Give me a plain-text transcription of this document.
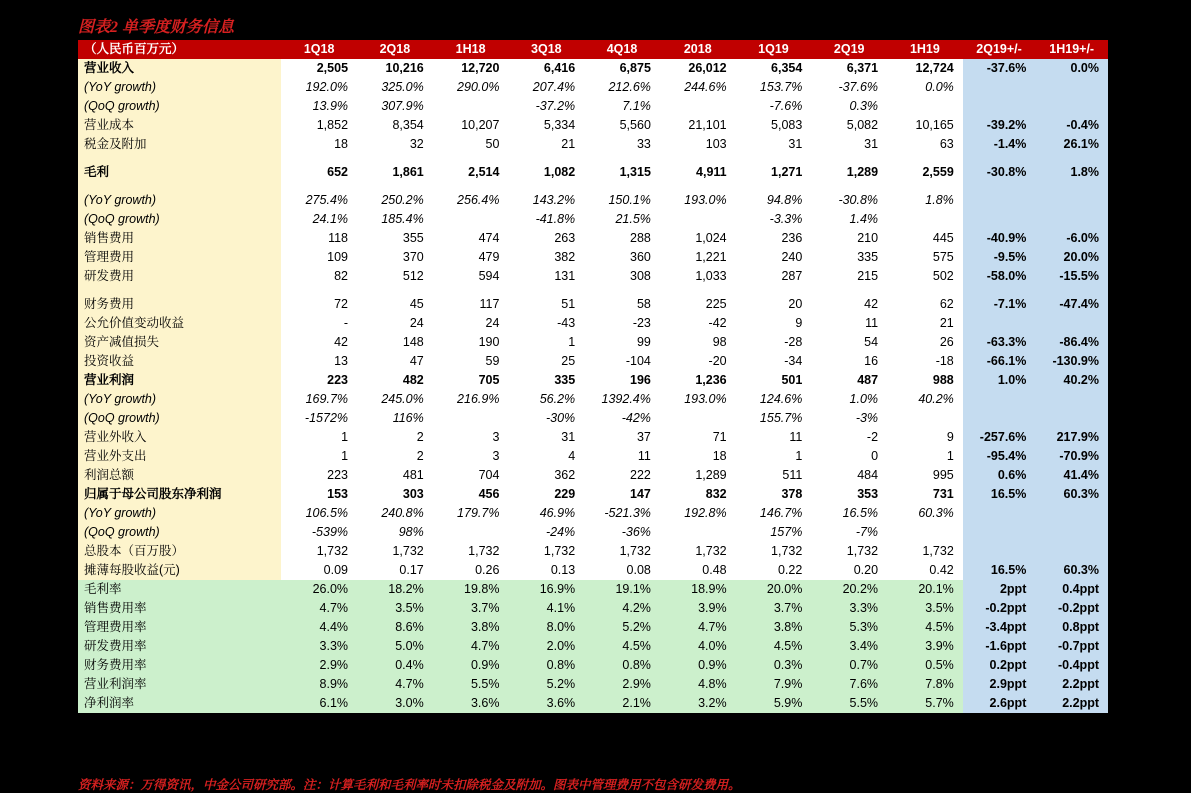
图表2 单季度财务信息
（人民币百万元）	1Q18	2Q18	1H18	3Q18	4Q18	2018	1Q19	2Q19	1H19	2Q19+/-	1H19+/-
营业收入	2,505	10,216	12,720	6,416	6,875	26,012	6,354	6,371	12,724	-37.6%	0.0%
(YoY growth)	192.0%	325.0%	290.0%	207.4%	212.6%	244.6%	153.7%	-37.6%	0.0%		
(QoQ growth)	13.9%	307.9%		-37.2%	7.1%		-7.6%	0.3%			
营业成本	1,852	8,354	10,207	5,334	5,560	21,101	5,083	5,082	10,165	-39.2%	-0.4%
税金及附加	18	32	50	21	33	103	31	31	63	-1.4%	26.1%

毛利	652	1,861	2,514	1,082	1,315	4,911	1,271	1,289	2,559	-30.8%	1.8%

(YoY growth)	275.4%	250.2%	256.4%	143.2%	150.1%	193.0%	94.8%	-30.8%	1.8%		
(QoQ growth)	24.1%	185.4%		-41.8%	21.5%		-3.3%	1.4%			
销售费用	118	355	474	263	288	1,024	236	210	445	-40.9%	-6.0%
管理费用	109	370	479	382	360	1,221	240	335	575	-9.5%	20.0%
研发费用	82	512	594	131	308	1,033	287	215	502	-58.0%	-15.5%

财务费用	72	45	117	51	58	225	20	42	62	-7.1%	-47.4%
公允价值变动收益	-	24	24	-43	-23	-42	9	11	21		
资产减值损失	42	148	190	1	99	98	-28	54	26	-63.3%	-86.4%
投资收益	13	47	59	25	-104	-20	-34	16	-18	-66.1%	-130.9%
营业利润	223	482	705	335	196	1,236	501	487	988	1.0%	40.2%
(YoY growth)	169.7%	245.0%	216.9%	56.2%	1392.4%	193.0%	124.6%	1.0%	40.2%		
(QoQ growth)	-1572%	116%		-30%	-42%		155.7%	-3%			
营业外收入	1	2	3	31	37	71	11	-2	9	-257.6%	217.9%
营业外支出	1	2	3	4	11	18	1	0	1	-95.4%	-70.9%
利润总额	223	481	704	362	222	1,289	511	484	995	0.6%	41.4%
归属于母公司股东净利润	153	303	456	229	147	832	378	353	731	16.5%	60.3%
(YoY growth)	106.5%	240.8%	179.7%	46.9%	-521.3%	192.8%	146.7%	16.5%	60.3%		
(QoQ growth)	-539%	98%		-24%	-36%		157%	-7%			
总股本（百万股）	1,732	1,732	1,732	1,732	1,732	1,732	1,732	1,732	1,732		
摊薄每股收益(元)	0.09	0.17	0.26	0.13	0.08	0.48	0.22	0.20	0.42	16.5%	60.3%
毛利率	26.0%	18.2%	19.8%	16.9%	19.1%	18.9%	20.0%	20.2%	20.1%	2ppt	0.4ppt
销售费用率	4.7%	3.5%	3.7%	4.1%	4.2%	3.9%	3.7%	3.3%	3.5%	-0.2ppt	-0.2ppt
管理费用率	4.4%	8.6%	3.8%	8.0%	5.2%	4.7%	3.8%	5.3%	4.5%	-3.4ppt	0.8ppt
研发费用率	3.3%	5.0%	4.7%	2.0%	4.5%	4.0%	4.5%	3.4%	3.9%	-1.6ppt	-0.7ppt
财务费用率	2.9%	0.4%	0.9%	0.8%	0.8%	0.9%	0.3%	0.7%	0.5%	0.2ppt	-0.4ppt
营业利润率	8.9%	4.7%	5.5%	5.2%	2.9%	4.8%	7.9%	7.6%	7.8%	2.9ppt	2.2ppt
净利润率	6.1%	3.0%	3.6%	3.6%	2.1%	3.2%	5.9%	5.5%	5.7%	2.6ppt	2.2ppt
资料来源：万得资讯，中金公司研究部。注：计算毛利和毛利率时未扣除税金及附加。图表中管理费用不包含研发费用。
